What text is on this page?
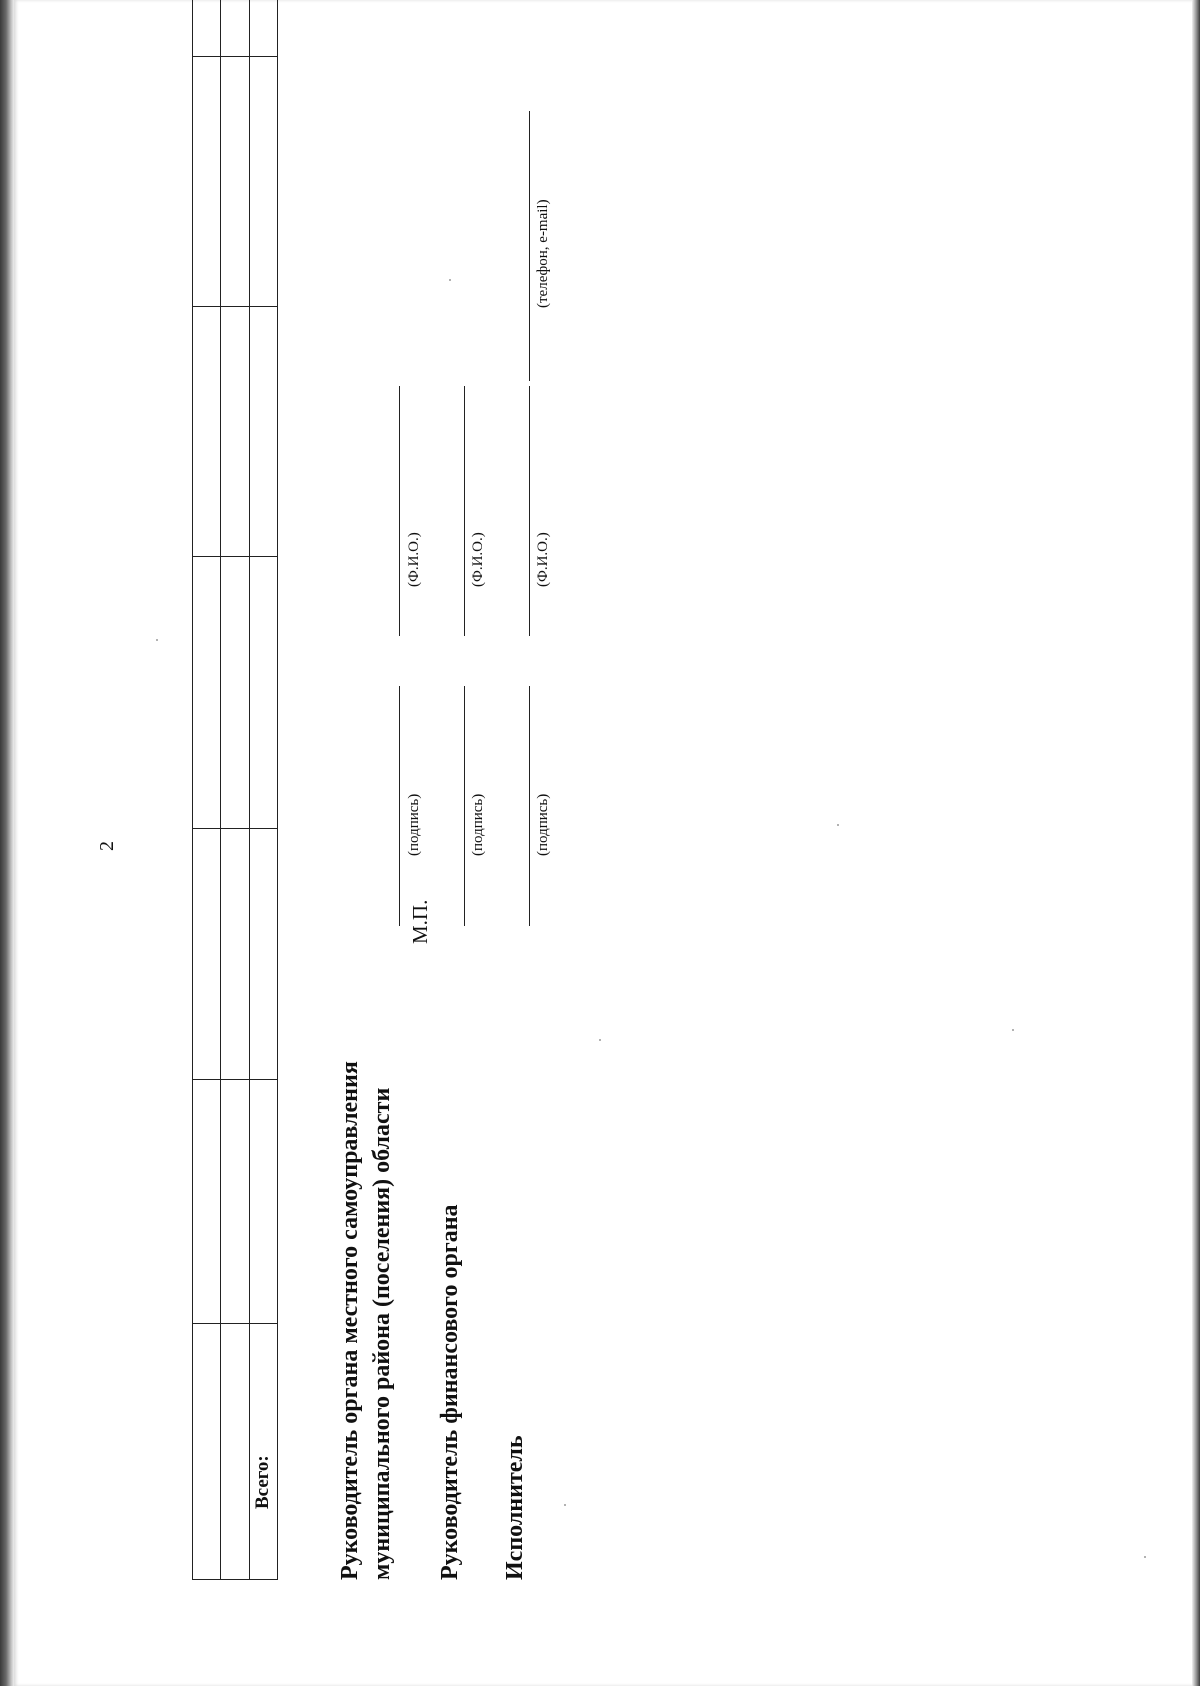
2

Всего:							Руководитель органа местного самоуправления муниципального района (поселения) области
М.П.
(подпись)
(Ф.И.О.)
Руководитель финансового органа
(подпись)
(Ф.И.О.)
Исполнитель
(подпись)
(Ф.И.О.)
(телефон, e-mail)
